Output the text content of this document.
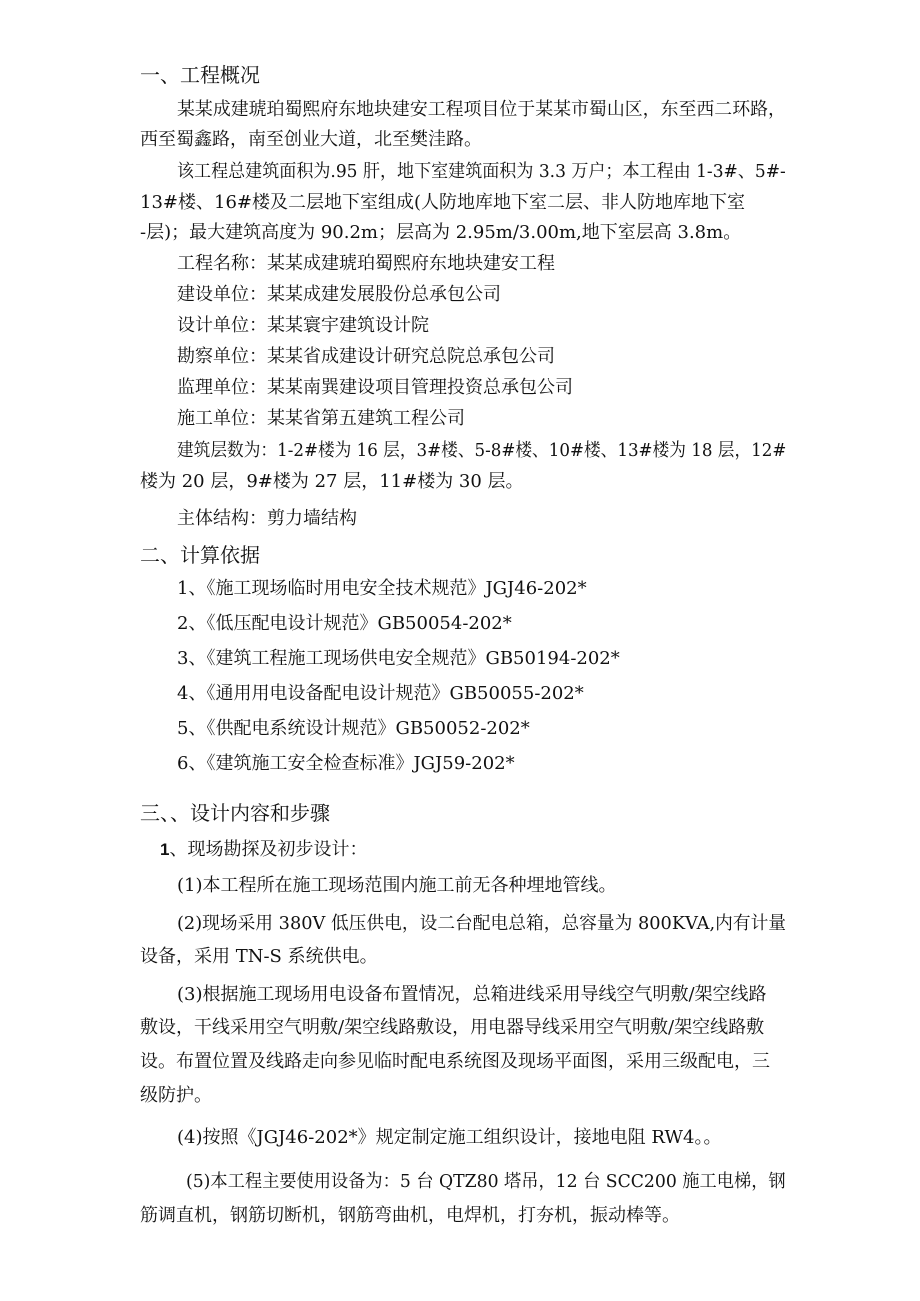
一、工程概况
某某成建琥珀蜀熙府东地块建安工程项目位于某某市蜀山区，东至西二环路，
西至蜀鑫路，南至创业大道，北至樊洼路。
该工程总建筑面积为.95 肝，地下室建筑面积为 3.3 万户；本工程由 1-3#、5#-
13#楼、16#楼及二层地下室组成(人防地库地下室二层、非人防地库地下室
-层)；最大建筑高度为 90.2m；层高为 2.95m∕3.00m,地下室层高 3.8m。
工程名称：某某成建琥珀蜀熙府东地块建安工程
建设单位：某某成建发展股份总承包公司
设计单位：某某寰宇建筑设计院
勘察单位：某某省成建设计研究总院总承包公司
监理单位：某某南巽建设项目管理投资总承包公司
施工单位：某某省第五建筑工程公司
建筑层数为：1-2#楼为 16 层，3#楼、5-8#楼、10#楼、13#楼为 18 层，12#
楼为 20 层，9#楼为 27 层，11#楼为 30 层。
主体结构：剪力墙结构
二、计算依据
1、《施工现场临时用电安全技术规范》JGJ46-202*
2、《低压配电设计规范》GB50054-202*
3、《建筑工程施工现场供电安全规范》GB50194-202*
4、《通用用电设备配电设计规范》GB50055-202*
5、《供配电系统设计规范》GB50052-202*
6、《建筑施工安全检查标准》JGJ59-202*
三、、设计内容和步骤
1、现场勘探及初步设计：
(1)本工程所在施工现场范围内施工前无各种埋地管线。
(2)现场采用 380V 低压供电，设二台配电总箱，总容量为 800KVA,内有计量
设备，采用 TN-S 系统供电。
(3)根据施工现场用电设备布置情况，总箱进线采用导线空气明敷/架空线路
敷设，干线采用空气明敷/架空线路敷设，用电器导线采用空气明敷/架空线路敷
设。布置位置及线路走向参见临时配电系统图及现场平面图，采用三级配电，三
级防护。
(4)按照《JGJ46-202*》规定制定施工组织设计，接地电阻 RW4。。
(5)本工程主要使用设备为：5 台 QTZ80 塔吊，12 台 SCC200 施工电梯，钢
筋调直机，钢筋切断机，钢筋弯曲机，电焊机，打夯机，振动棒等。
